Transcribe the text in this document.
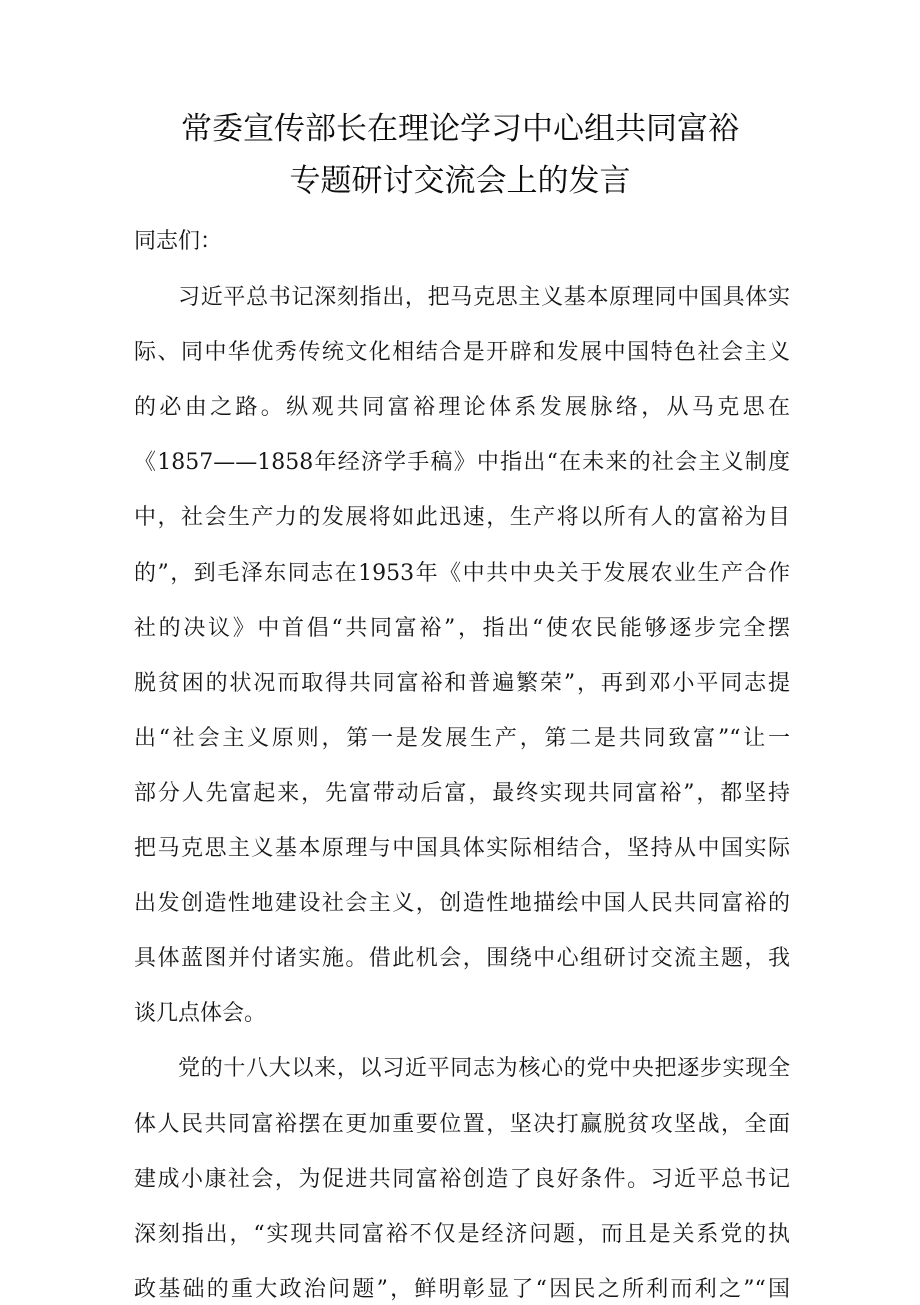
常委宣传部长在理论学习中心组共同富裕
专题研讨交流会上的发言
同志们：
习近平总书记深刻指出，把马克思主义基本原理同中国具体实
际、同中华优秀传统文化相结合是开辟和发展中国特色社会主义
的必由之路。纵观共同富裕理论体系发展脉络，从马克思在
《1857——1858年经济学手稿》中指出“在未来的社会主义制度
中，社会生产力的发展将如此迅速，生产将以所有人的富裕为目
的”，到毛泽东同志在1953年《中共中央关于发展农业生产合作
社的决议》中首倡“共同富裕”，指出“使农民能够逐步完全摆
脱贫困的状况而取得共同富裕和普遍繁荣”，再到邓小平同志提
出“社会主义原则，第一是发展生产，第二是共同致富”“让一
部分人先富起来，先富带动后富，最终实现共同富裕”，都坚持
把马克思主义基本原理与中国具体实际相结合，坚持从中国实际
出发创造性地建设社会主义，创造性地描绘中国人民共同富裕的
具体蓝图并付诸实施。借此机会，围绕中心组研讨交流主题，我
谈几点体会。
党的十八大以来，以习近平同志为核心的党中央把逐步实现全
体人民共同富裕摆在更加重要位置，坚决打赢脱贫攻坚战，全面
建成小康社会，为促进共同富裕创造了良好条件。习近平总书记
深刻指出，“实现共同富裕不仅是经济问题，而且是关系党的执
政基础的重大政治问题”，鲜明彰显了“因民之所利而利之”“国
